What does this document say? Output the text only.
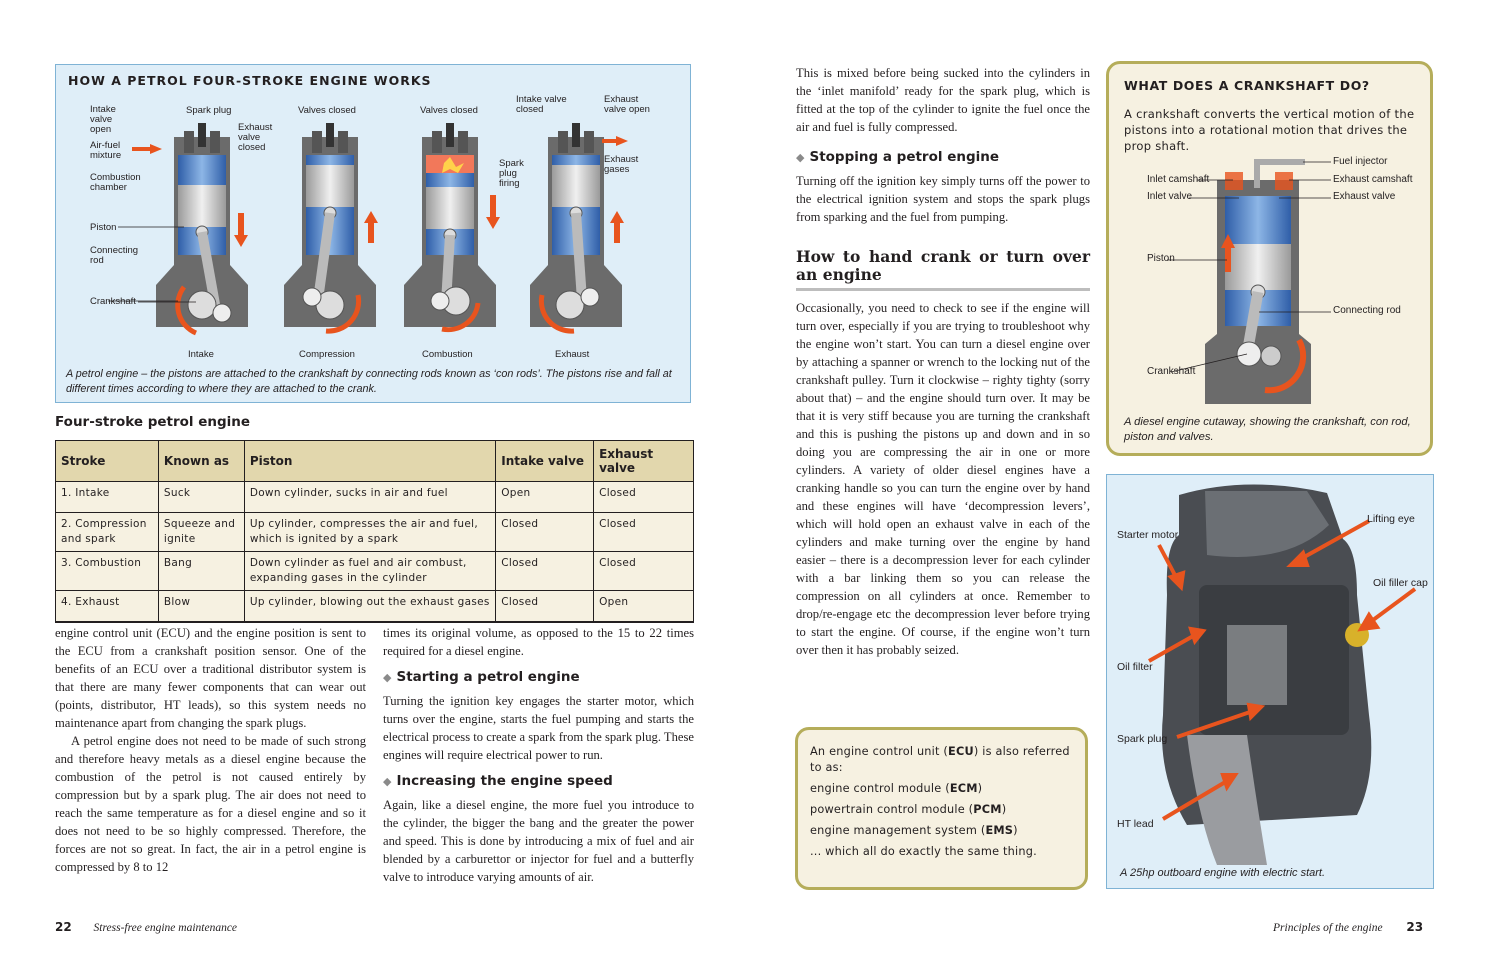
HOW A PETROL FOUR-STROKE ENGINE WORKS
Intake valve open
Spark plug
Exhaust valve closed
Air-fuel mixture
Combustion chamber
Piston
Connecting rod
Crankshaft
Valves closed	Valves closed
Spark plug firing
Intake valve closed
Exhaust valve open
Exhaust gases
Intake	Compression	Combustion	Exhaust
A petrol engine – the pistons are attached to the crankshaft by connecting rods known as ‘con rods’. The pistons rise and fall at different times according to where they are attached to the crank.
Four-stroke petrol engine
Stroke	Known as	Piston	Intake valve	Exhaust valve
1. Intake	Suck	Down cylinder, sucks in air and fuel	Open	Closed
2. Compression and spark	Squeeze and ignite	Up cylinder, compresses the air and fuel, which is ignited by a spark	Closed	Closed
3. Combustion	Bang	Down cylinder as fuel and air combust, expanding gases in the cylinder	Closed	Closed
4. Exhaust	Blow	Up cylinder, blowing out the exhaust gases	Closed	Open

engine control unit (ECU) and the engine position is sent to the ECU from a crankshaft position sensor. One of the benefits of an ECU over a traditional distributor system is that there are many fewer components that can wear out (points, distributor, HT leads), so this system needs no maintenance apart from changing the spark plugs.

A petrol engine does not need to be made of such strong and therefore heavy metals as a diesel engine because the combustion of the petrol is not caused entirely by compression but by a spark plug. The air does not need to reach the same temperature as for a diesel engine and so it does not need to be so highly compressed. Therefore, the forces are not so great. In fact, the air in a petrol engine is compressed by 8 to 12

times its original volume, as opposed to the 15 to 22 times required for a diesel engine.

◆ Starting a petrol engine

Turning the ignition key engages the starter motor, which turns over the engine, starts the fuel pumping and starts the electrical process to create a spark from the spark plug. These engines will require electrical power to run.

◆ Increasing the engine speed

Again, like a diesel engine, the more fuel you introduce to the cylinder, the bigger the bang and the greater the power and speed. This is done by introducing a mix of fuel and air blended by a carburettor or injector for fuel and a butterfly valve to introduce varying amounts of air.

22 Stress-free engine maintenance

This is mixed before being sucked into the cylinders in the ‘inlet manifold’ ready for the spark plug, which is fitted at the top of the cylinder to ignite the fuel once the air and fuel is fully compressed.

◆ Stopping a petrol engine

Turning off the ignition key simply turns off the power to the electrical ignition system and stops the spark plugs from sparking and the fuel from pumping.

How to hand crank or turn over an engine

Occasionally, you need to check to see if the engine will turn over, especially if you are trying to troubleshoot why the engine won’t start. You can turn a diesel engine over by attaching a spanner or wrench to the locking nut of the crankshaft pulley. Turn it clockwise – righty tighty (sorry about that) – and the engine should turn over. It may be that it is very stiff because you are turning the crankshaft and this is pushing the pistons up and down and in so doing you are compressing the air in one or more cylinders. A variety of older diesel engines have a cranking handle so you can turn the engine over by hand and these engines will have ‘decompression levers’, which will hold open an exhaust valve in each of the cylinders and make turning over the engine by hand easier – there is a decompression lever for each cylinder with a bar linking them so you can release the compression on all cylinders at once. Remember to drop/re-engage etc the decompression lever before trying to start the engine. Of course, if the engine won’t turn over then it has probably seized.

An engine control unit (ECU) is also referred
to as:
engine control module (ECM)
powertrain control module (PCM)
engine management system (EMS)
... which all do exactly the same thing.
WHAT DOES A CRANKSHAFT DO?
A crankshaft converts the vertical motion of the pistons into a rotational motion that drives the prop shaft.
Fuel injector
Inlet camshaft	Exhaust camshaft
Inlet valve	Exhaust valve
Piston
Connecting rod
Crankshaft
A diesel engine cutaway, showing the crankshaft, con rod, piston and valves.
Starter motor
Lifting eye
Oil filler cap
Oil filter
Spark plug
HT lead
A 25hp outboard engine with electric start.
Principles of the engine 23
